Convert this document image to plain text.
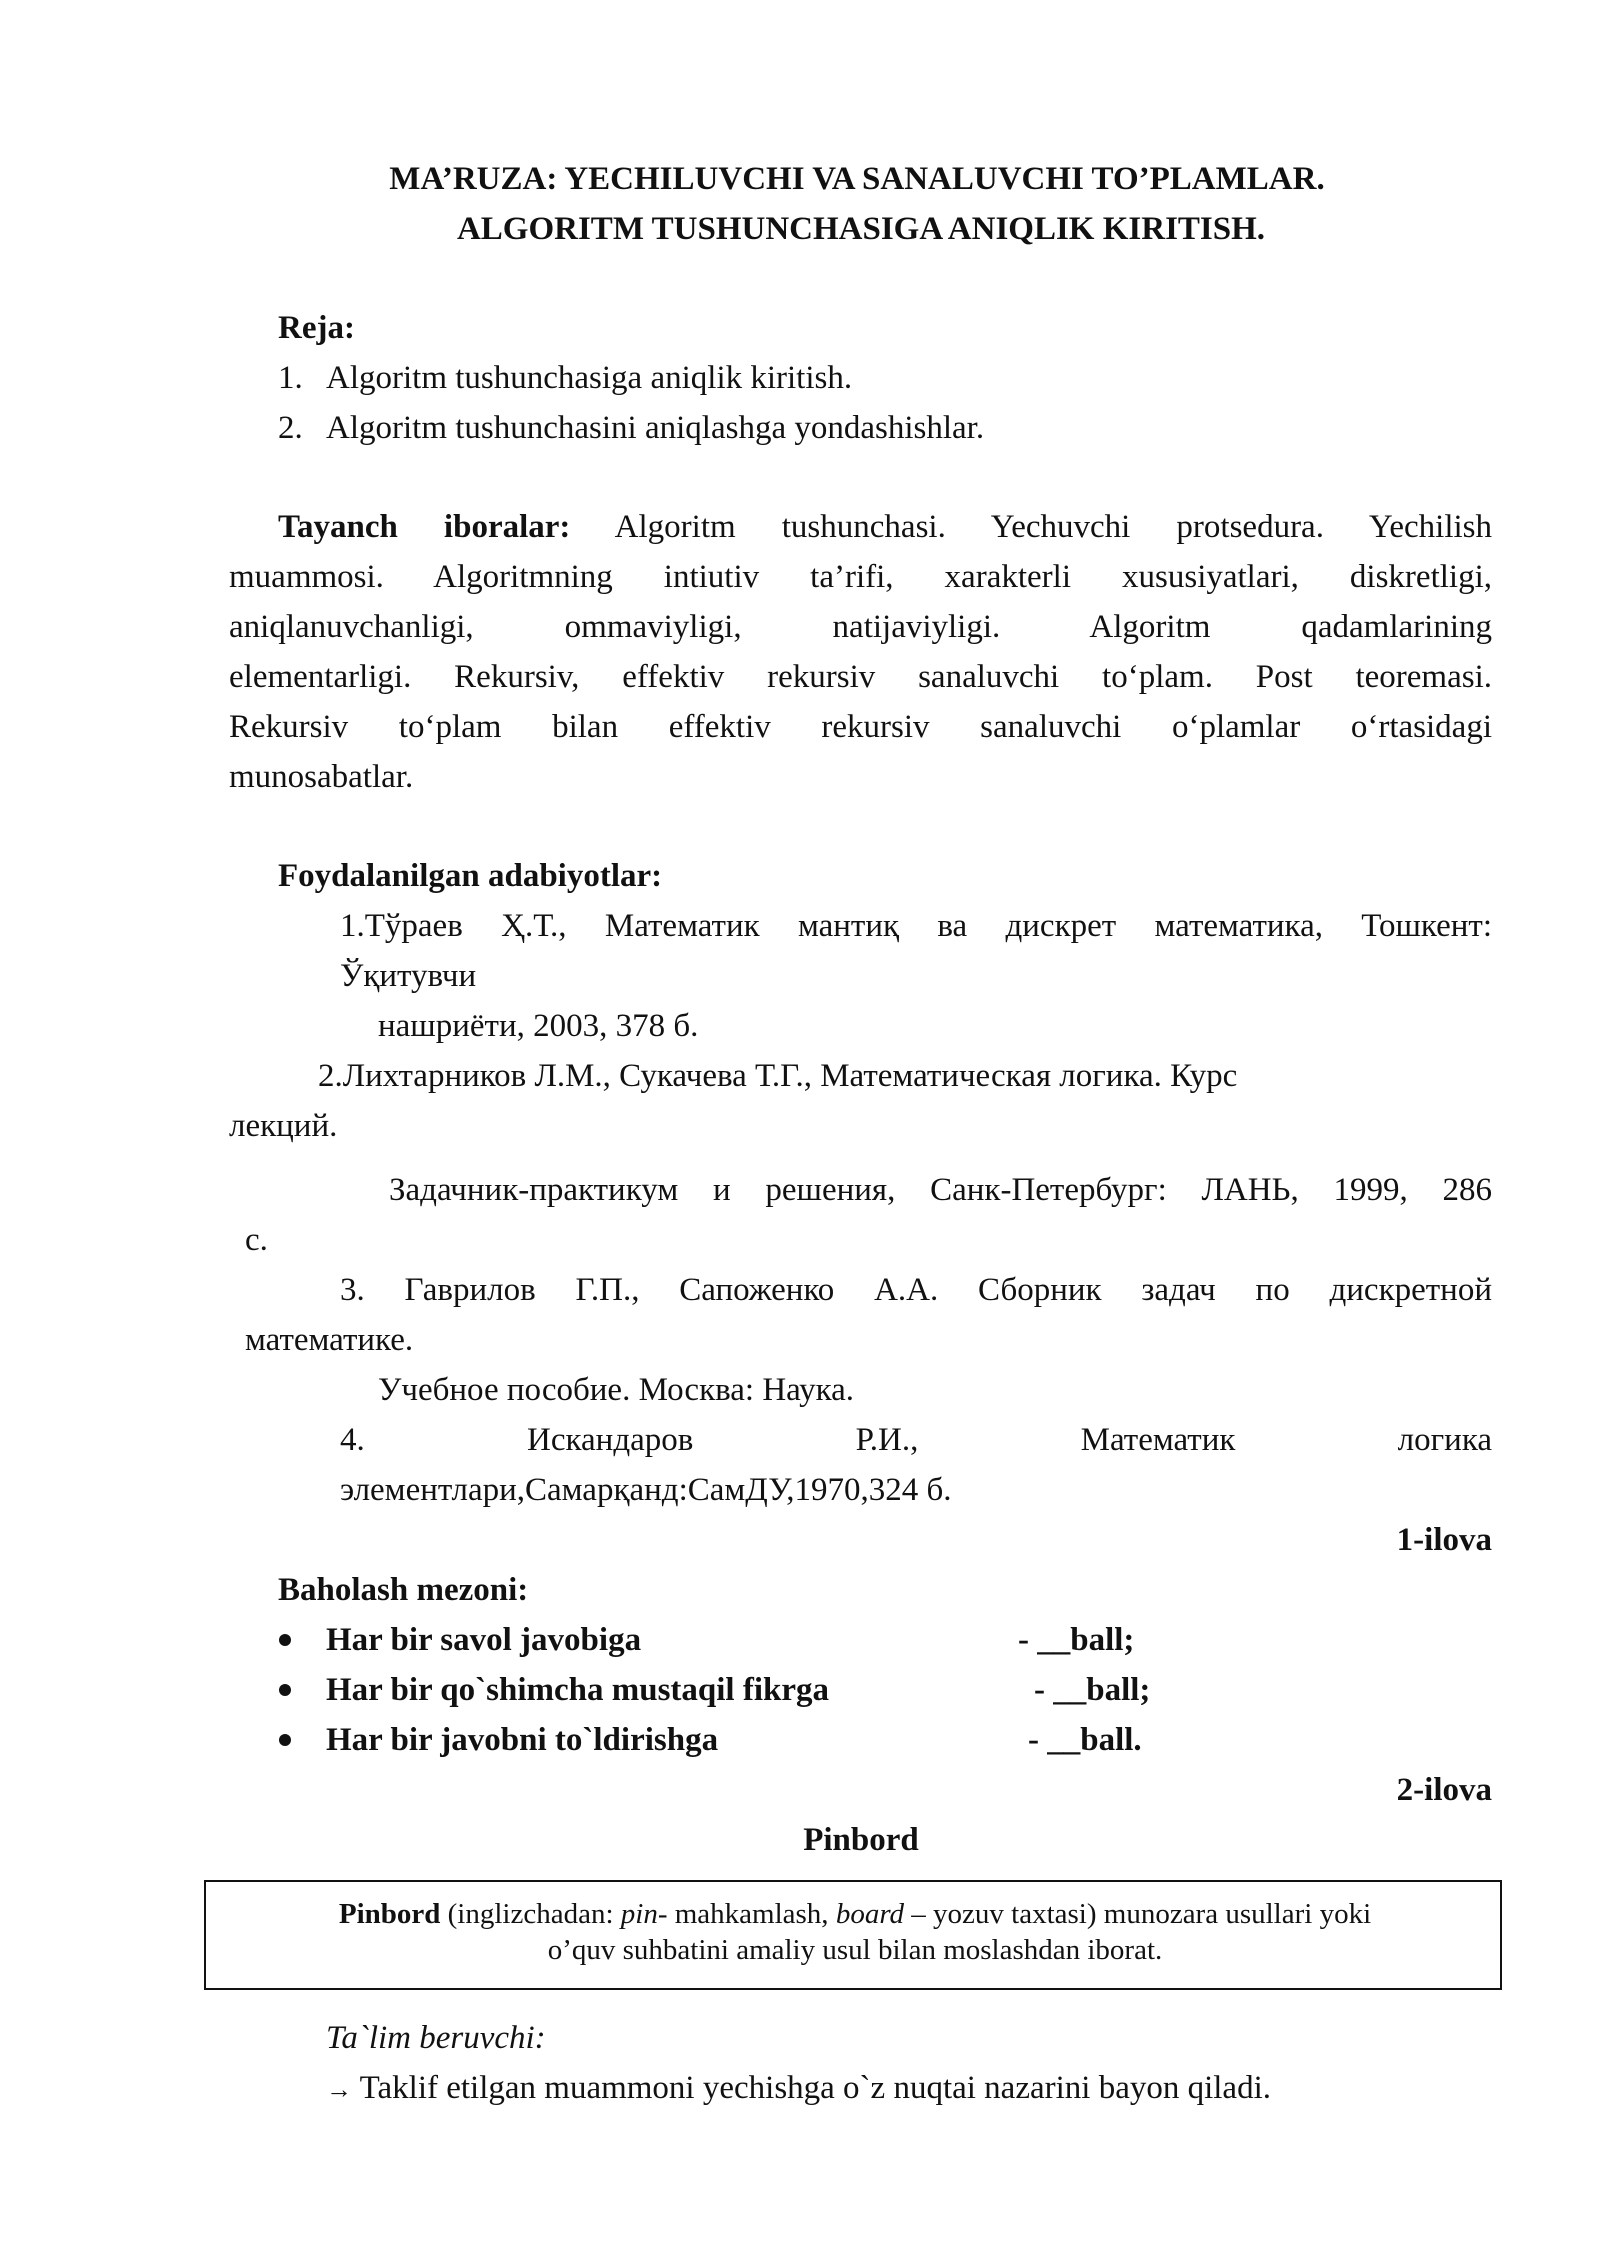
MA’RUZA: YECHILUVCHI VA SANALUVCHI TO’PLAMLAR.
ALGORITM TUSHUNCHASIGA ANIQLIK KIRITISH.
Reja:
1. Algoritm tushunchasiga aniqlik kiritish.
2. Algoritm tushunchasini aniqlashga yondashishlar.
Tayanch iboralar: Algoritm tushunchasi. Yechuvchi protsedura. Yechilish
muammosi. Algoritmning intiutiv ta’rifi, xarakterli xususiyatlari, diskretligi,
aniqlanuvchanligi, ommaviyligi, natijaviyligi. Algoritm qadamlarining
elementarligi. Rekursiv, effektiv rekursiv sanaluvchi to‘plam. Post teoremasi.
Rekursiv to‘plam bilan effektiv rekursiv sanaluvchi o‘plamlar o‘rtasidagi
munosabatlar.
Foydalanilgan adabiyotlar:
1.Тўраев Ҳ.Т., Математик мантиқ ва дискрет математика, Тошкент:
Ўқитувчи
нашриёти, 2003, 378 б.
2.Лихтарников Л.М., Сукачева Т.Г., Математическая логика. Курс
лекций.
Задачник-практикум и решения, Санк-Петербург: ЛАНЬ, 1999, 286
с.
3. Гаврилов Г.П., Сапоженко А.А. Сборник задач по дискретной
математике.
Учебное пособие. Москва: Наука.
4. Искандаров Р.И., Математик логика
элементлари,Самарқанд:СамДУ,1970,324 б.
1-ilova
Baholash mezoni:
Har bir savol javobiga	- __ball;
Har bir qo`shimcha mustaqil fikrga	- __ball;
Har bir javobni to`ldirishga	- __ball.
2-ilova
Pinbord
Pinbord (inglizchadan: pin- mahkamlash, board – yozuv taxtasi) munozara usullari yoki
o’quv suhbatini amaliy usul bilan moslashdan iborat.
Ta`lim beruvchi:
→ Taklif etilgan muammoni yechishga o`z nuqtai nazarini bayon qiladi.
